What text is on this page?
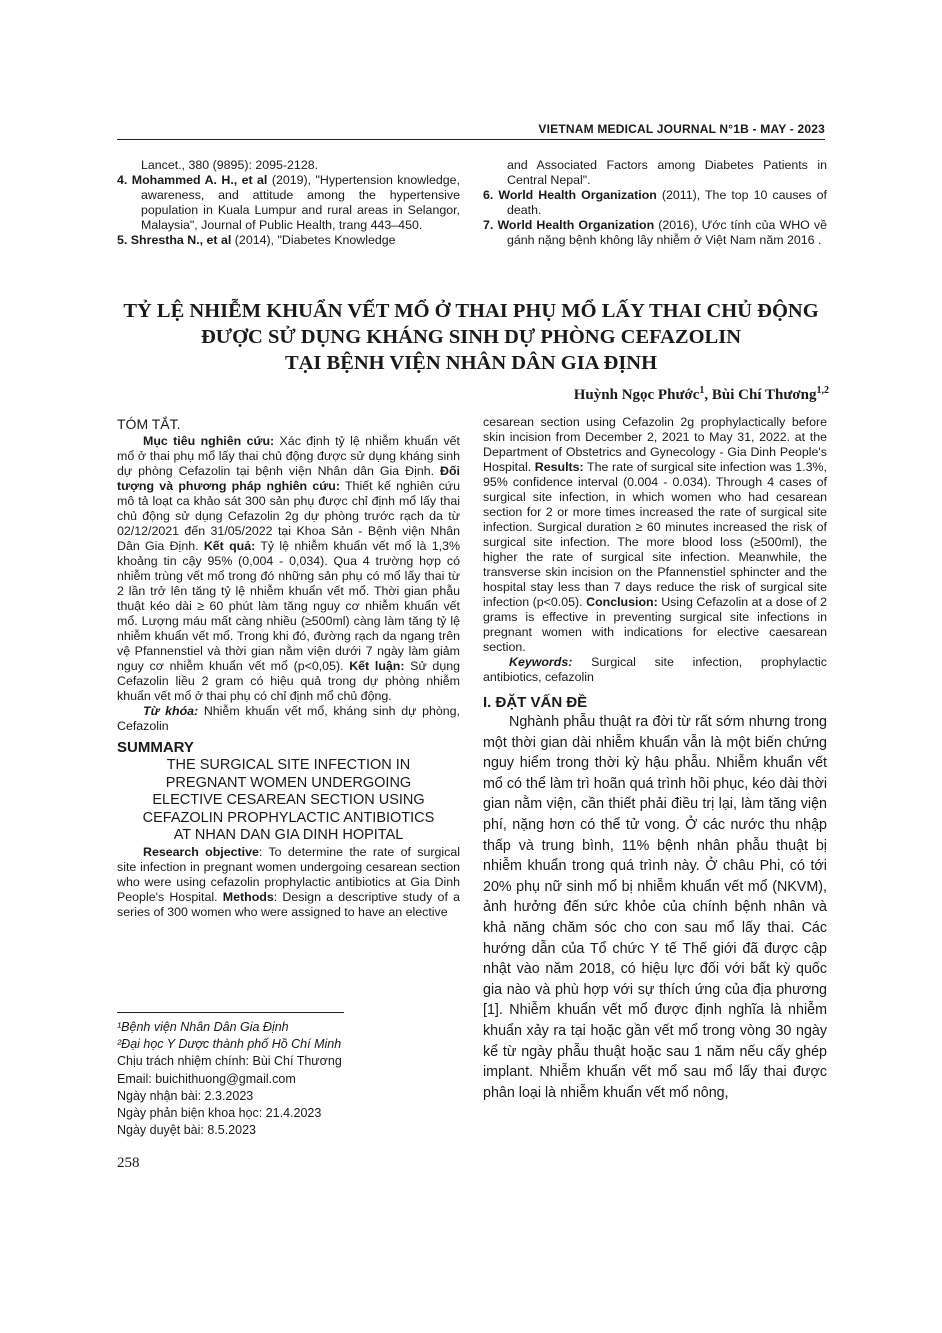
VIETNAM MEDICAL JOURNAL N°1B - MAY - 2023

Lancet., 380 (9895): 2095-2128.

4. Mohammed A. H., et al (2019), "Hypertension knowledge, awareness, and attitude among the hypertensive population in Kuala Lumpur and rural areas in Selangor, Malaysia", Journal of Public Health, trang 443–450.

5. Shrestha N., et al (2014), "Diabetes Knowledge

and Associated Factors among Diabetes Patients in Central Nepal".

6. World Health Organization (2011), The top 10 causes of death.

7. World Health Organization (2016), Ước tính của WHO về gánh nặng bệnh không lây nhiễm ở Việt Nam năm 2016 .

TỶ LỆ NHIỄM KHUẨN VẾT MỔ Ở THAI PHỤ MỔ LẤY THAI CHỦ ĐỘNG
ĐƯỢC SỬ DỤNG KHÁNG SINH DỰ PHÒNG CEFAZOLIN
TẠI BỆNH VIỆN NHÂN DÂN GIA ĐỊNH
Huỳnh Ngọc Phước$^1$, Bùi Chí Thương$^{1,2}$
TÓM TẮT.

Mục tiêu nghiên cứu: Xác định tỷ lệ nhiễm khuẩn vết mổ ở thai phụ mổ lấy thai chủ động được sử dụng kháng sinh dự phòng Cefazolin tại bệnh viện Nhân dân Gia Định. Đối tượng và phương pháp nghiên cứu: Thiết kế nghiên cứu mô tả loạt ca khảo sát 300 sản phụ được chỉ định mổ lấy thai chủ động sử dụng Cefazolin 2g dự phòng trước rạch da từ 02/12/2021 đến 31/05/2022 tại Khoa Sản - Bệnh viện Nhân Dân Gia Định. Kết quả: Tỷ lệ nhiễm khuẩn vết mổ là 1,3% khoảng tin cậy 95% (0,004 - 0,034). Qua 4 trường hợp có nhiễm trùng vết mổ trong đó những sản phụ có mổ lấy thai từ 2 lần trở lên tăng tỷ lệ nhiễm khuẩn vết mổ. Thời gian phẫu thuật kéo dài ≥ 60 phút làm tăng nguy cơ nhiễm khuẩn vết mổ. Lượng máu mất càng nhiều (≥500ml) càng làm tăng tỷ lệ nhiễm khuẩn vết mổ. Trong khi đó, đường rạch da ngang trên vệ Pfannenstiel và thời gian nằm viện dưới 7 ngày làm giảm nguy cơ nhiễm khuẩn vết mổ (p<0,05). Kết luận: Sử dụng Cefazolin liều 2 gram có hiệu quả trong dự phòng nhiễm khuẩn vết mổ ở thai phụ có chỉ định mổ chủ động.

Từ khóa: Nhiễm khuẩn vết mổ, kháng sinh dự phòng, Cefazolin

SUMMARY

THE SURGICAL SITE INFECTION IN

PREGNANT WOMEN UNDERGOING

ELECTIVE CESAREAN SECTION USING

CEFAZOLIN PROPHYLACTIC ANTIBIOTICS

AT NHAN DAN GIA DINH HOPITAL

Research objective: To determine the rate of surgical site infection in pregnant women undergoing cesarean section who were using cefazolin prophylactic antibiotics at Gia Dinh People's Hospital. Methods: Design a descriptive study of a series of 300 women who were assigned to have an elective

¹Bệnh viện Nhân Dân Gia Định

²Đại học Y Dược thành phố Hồ Chí Minh

Chịu trách nhiệm chính: Bùi Chí Thương

Email: buichithuong@gmail.com

Ngày nhận bài: 2.3.2023

Ngày phản biện khoa học: 21.4.2023

Ngày duyệt bài: 8.5.2023

258

cesarean section using Cefazolin 2g prophylactically before skin incision from December 2, 2021 to May 31, 2022. at the Department of Obstetrics and Gynecology - Gia Dinh People's Hospital. Results: The rate of surgical site infection was 1.3%, 95% confidence interval (0.004 - 0.034). Through 4 cases of surgical site infection, in which women who had cesarean section for 2 or more times increased the rate of surgical site infection. Surgical duration ≥ 60 minutes increased the risk of surgical site infection. The more blood loss (≥500ml), the higher the rate of surgical site infection. Meanwhile, the transverse skin incision on the Pfannenstiel sphincter and the hospital stay less than 7 days reduce the risk of surgical site infection (p<0.05). Conclusion: Using Cefazolin at a dose of 2 grams is effective in preventing surgical site infections in pregnant women with indications for elective caesarean section.

Keywords: Surgical site infection, prophylactic antibiotics, cefazolin

I. ĐẶT VẤN ĐỀ

Nghành phẫu thuật ra đời từ rất sớm nhưng trong một thời gian dài nhiễm khuẩn vẫn là một biến chứng nguy hiểm trong thời kỳ hậu phẫu. Nhiễm khuẩn vết mổ có thể làm trì hoãn quá trình hồi phục, kéo dài thời gian nằm viện, cần thiết phải điều trị lại, làm tăng viện phí, nặng hơn có thể tử vong. Ở các nước thu nhập thấp và trung bình, 11% bệnh nhân phẫu thuật bị nhiễm khuẩn trong quá trình này. Ở châu Phi, có tới 20% phụ nữ sinh mổ bị nhiễm khuẩn vết mổ (NKVM), ảnh hưởng đến sức khỏe của chính bệnh nhân và khả năng chăm sóc cho con sau mổ lấy thai. Các hướng dẫn của Tổ chức Y tế Thế giới đã được cập nhật vào năm 2018, có hiệu lực đối với bất kỳ quốc gia nào và phù hợp với sự thích ứng của địa phương [1]. Nhiễm khuẩn vết mổ được định nghĩa là nhiễm khuẩn xảy ra tại hoặc gần vết mổ trong vòng 30 ngày kể từ ngày phẫu thuật hoặc sau 1 năm nếu cấy ghép implant. Nhiễm khuẩn vết mổ sau mổ lấy thai được phân loại là nhiễm khuẩn vết mổ nông,
